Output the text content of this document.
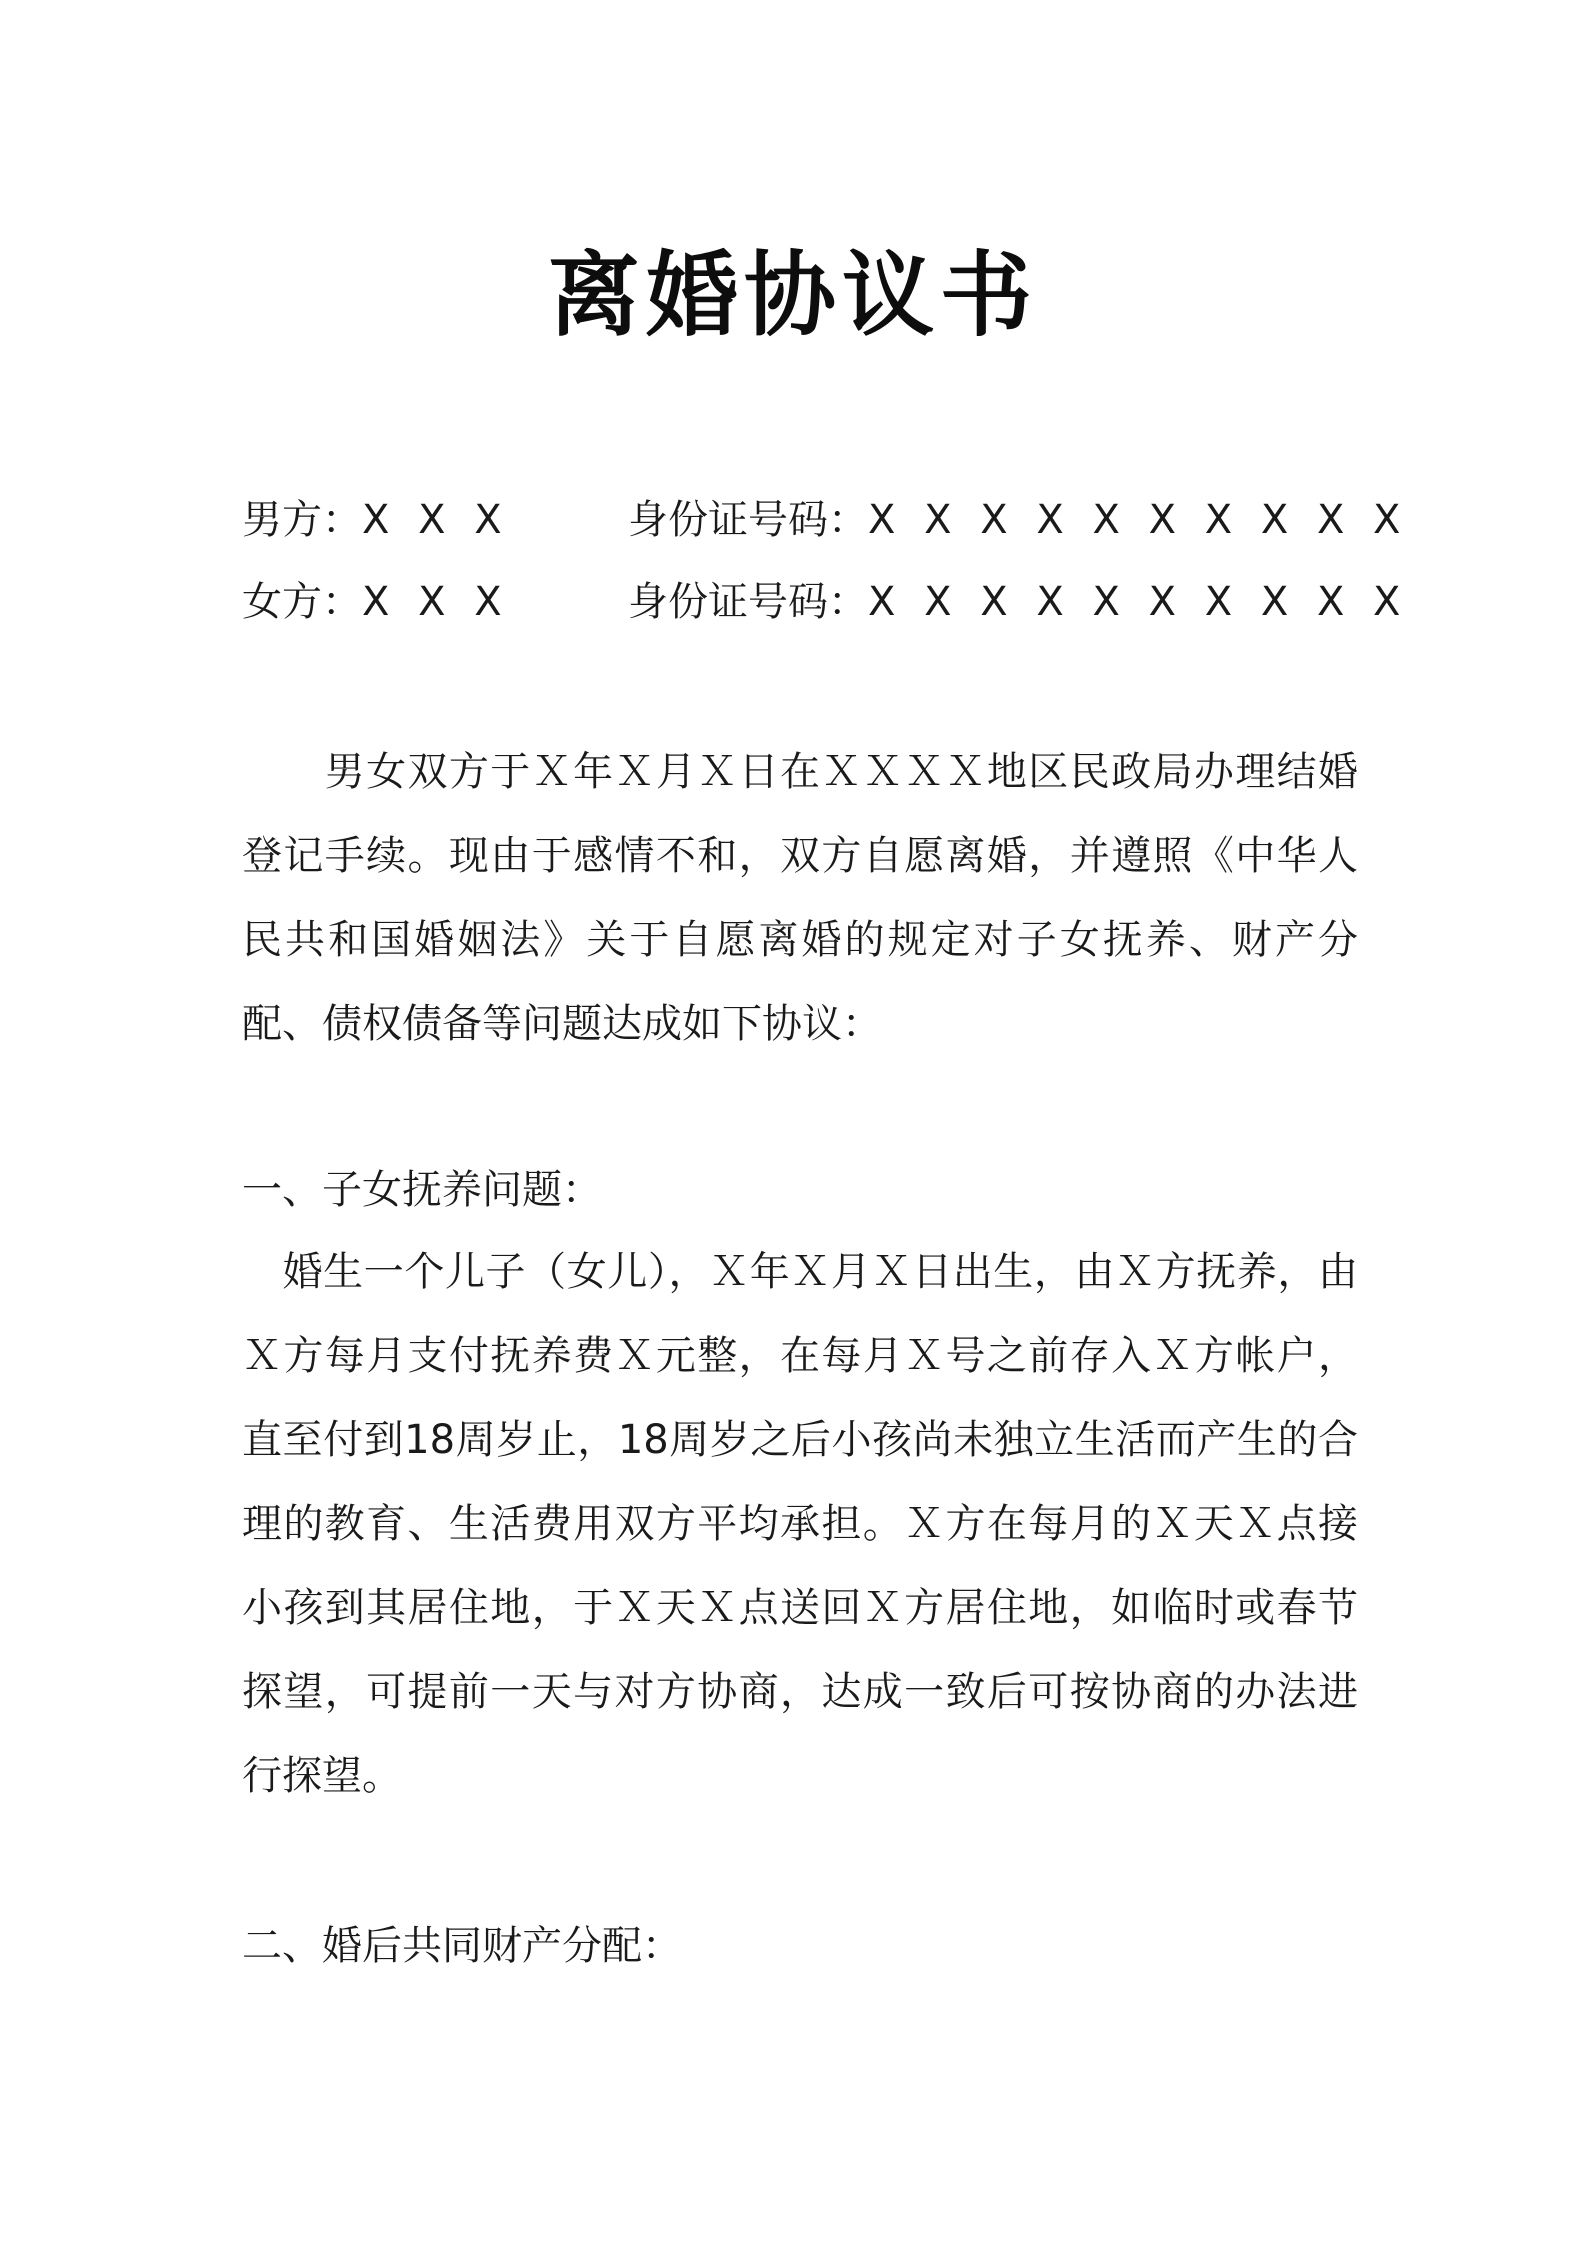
离婚协议书
男方：X X X	身份证号码：X X X X X X X X X X
女方：X X X	身份证号码：X X X X X X X X X X
　　男女双方于Ｘ年Ｘ月Ｘ日在ＸＸＸＸ地区民政局办理结婚登记手续。现由于感情不和，双方自愿离婚，并遵照《中华人民共和国婚姻法》关于自愿离婚的规定对子女抚养、财产分配、债权债备等问题达成如下协议：
一、子女抚养问题：
　婚生一个儿子（女儿），Ｘ年Ｘ月Ｘ日出生，由Ｘ方抚养，由Ｘ方每月支付抚养费Ｘ元整，在每月Ｘ号之前存入Ｘ方帐户，直至付到18周岁止，18周岁之后小孩尚未独立生活而产生的合理的教育、生活费用双方平均承担。Ｘ方在每月的Ｘ天Ｘ点接小孩到其居住地，于Ｘ天Ｘ点送回Ｘ方居住地，如临时或春节探望，可提前一天与对方协商，达成一致后可按协商的办法进行探望。
二、婚后共同财产分配：
